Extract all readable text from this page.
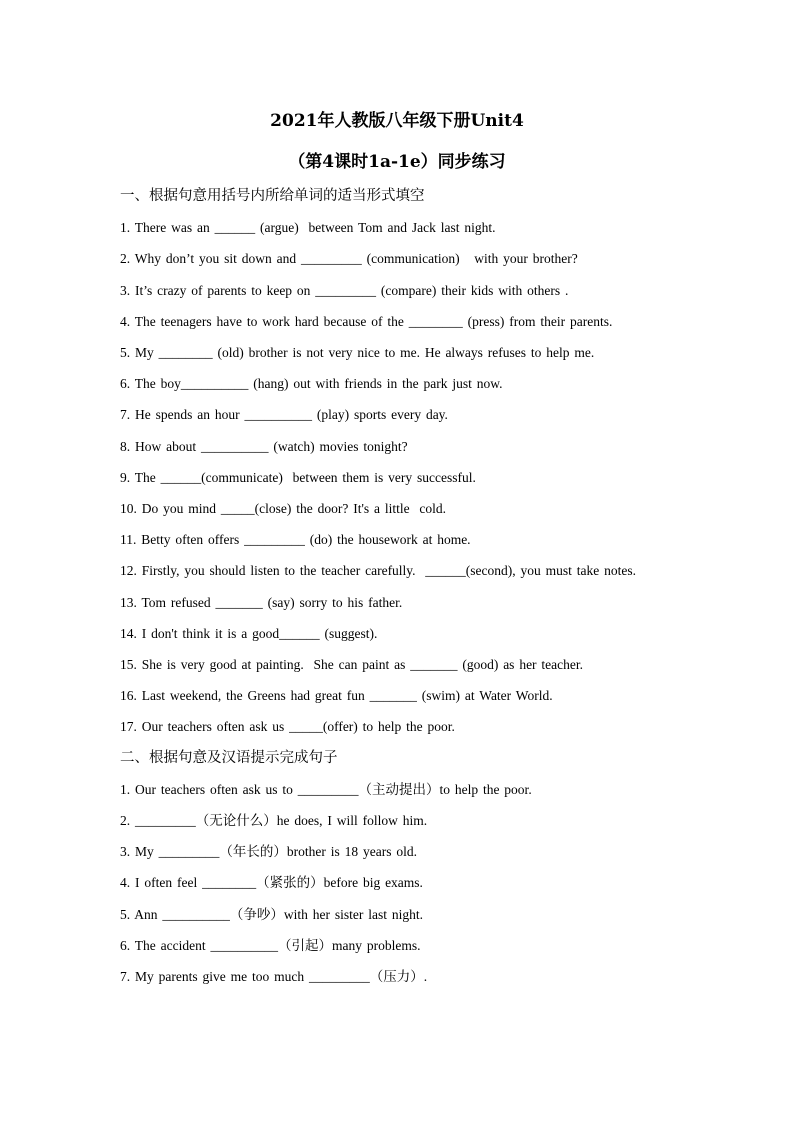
2021年人教版八年级下册Unit4
（第4课时1a-1e）同步练习
一、根据句意用括号内所给单词的适当形式填空
1. There was an ______ (argue)  between Tom and Jack last night.
2. Why don’t you sit down and _________ (communication)   with your brother?
3. It’s crazy of parents to keep on _________ (compare) their kids with others .
4. The teenagers have to work hard because of the ________ (press) from their parents.
5. My ________ (old) brother is not very nice to me. He always refuses to help me.
6. The boy__________ (hang) out with friends in the park just now.
7. He spends an hour __________ (play) sports every day.
8. How about __________ (watch) movies tonight?
9. The ______(communicate)  between them is very successful.
10. Do you mind _____(close) the door? It's a little  cold.
11. Betty often offers _________ (do) the housework at home.
12. Firstly, you should listen to the teacher carefully.  ______(second), you must take notes.
13. Tom refused _______ (say) sorry to his father.
14. I don't think it is a good______ (suggest).
15. She is very good at painting.  She can paint as _______ (good) as her teacher.
16. Last weekend, the Greens had great fun _______ (swim) at Water World.
17. Our teachers often ask us _____(offer) to help the poor.
二、根据句意及汉语提示完成句子
1. Our teachers often ask us to _________（主动提出）to help the poor.
2. _________（无论什么）he does, I will follow him.
3. My _________（年长的）brother is 18 years old.
4. I often feel ________（紧张的）before big exams.
5. Ann __________（争吵）with her sister last night.
6. The accident __________（引起）many problems.
7. My parents give me too much _________（压力）.
